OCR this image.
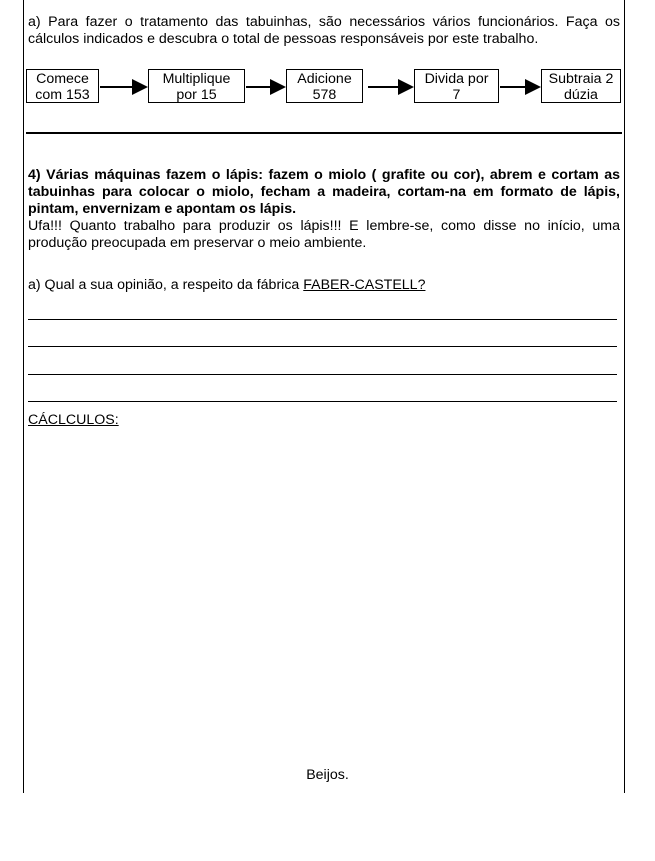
a) Para fazer o tratamento das tabuinhas, são necessários vários funcionários. Faça os cálculos indicados e descubra o total de pessoas responsáveis por este trabalho.
Comece
com 153
Multiplique
por 15
Adicione
578
Divida por
7
Subtraia 2
dúzia
4) Várias máquinas fazem o lápis: fazem o miolo ( grafite ou cor), abrem e cortam as tabuinhas para colocar o miolo, fecham a madeira, cortam-na em formato de lápis, pintam, envernizam e apontam os lápis.
Ufa!!! Quanto trabalho para produzir os lápis!!! E lembre-se, como disse no início, uma produção preocupada em preservar o meio ambiente.
a) Qual a sua opinião, a respeito da fábrica FABER-CASTELL?
CÁCLCULOS:
Beijos.
